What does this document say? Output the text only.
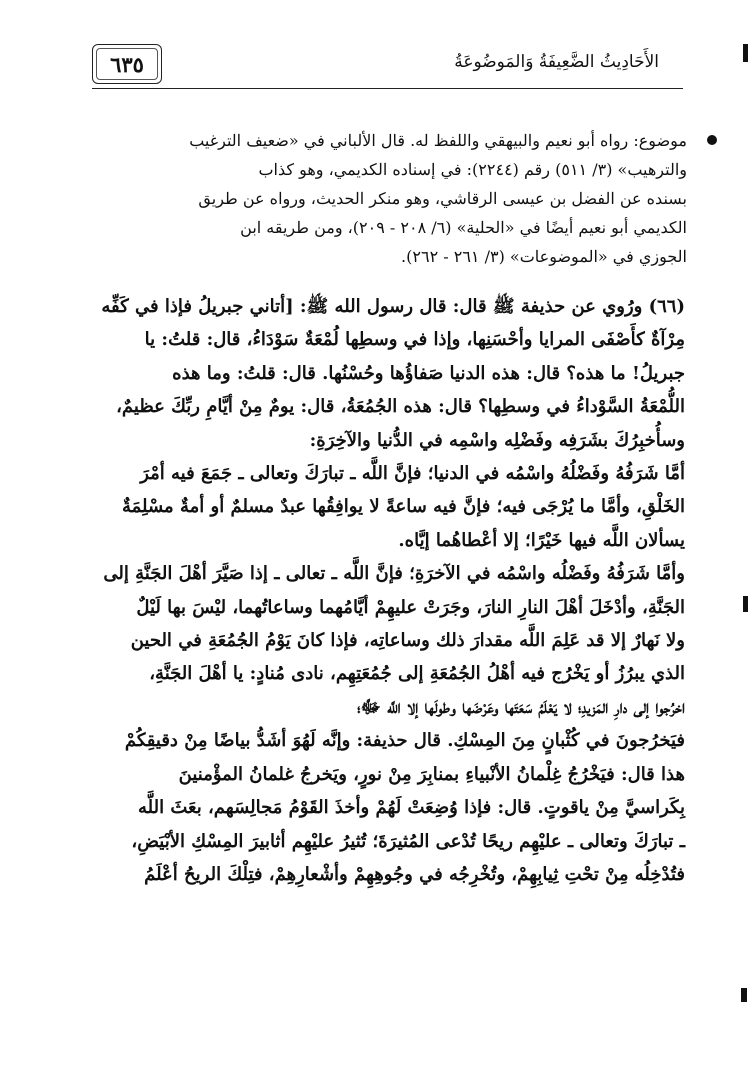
٦٣٥	الأَحَادِيثُ الضَّعِيفَةُ وَالمَوضُوعَةُ
موضوع: رواه أبو نعيم والبيهقي واللفظ له. قال الألباني في «ضعيف الترغيب
والترهيب» (٣/ ٥١١) رقم (٢٢٤٤): في إسناده الكديمي، وهو كذاب
بسنده عن الفضل بن عيسى الرقاشي، وهو منكر الحديث، ورواه عن طريق
الكديمي أبو نعيم أيضًا في «الحلية» (٦/ ٢٠٨ - ٢٠٩)، ومن طريقه ابن
الجوزي في «الموضوعات» (٣/ ٢٦١ - ٢٦٢).
(٦٦) ورُوي عن حذيفة ﷺ قال: قال رسول الله ﷺ: [أتاني جبريلُ فإذا في كَفِّه
مِرْآةٌ كأَصْفَى المرايا وأحْسَنِها، وإذا في وسطِها لُمْعَةٌ سَوْدَاءُ، قال: قلتُ: يا
جبريلُ! ما هذه؟ قال: هذه الدنيا صَفاؤُها وحُسْنُها. قال: قلتُ: وما هذه
اللُّمْعَةُ السَّوْداءُ في وسطِها؟ قال: هذه الجُمُعَةُ، قال: يومٌ مِنْ أيَّامِ ربِّكَ عظيمٌ،
وسأُخبِرُكَ بشَرَفِه وفَضْلِه واسْمِه في الدُّنيا والآخِرَةِ:
أمَّا شَرَفُهُ وفَضْلُهُ واسْمُه في الدنيا؛ فإنَّ اللَّه ـ تبارَكَ وتعالى ـ جَمَعَ فيه أمْرَ
الخَلْقِ، وأمَّا ما يُرْجَى فيه؛ فإنَّ فيه ساعةً لا يوافِقُها عبدٌ مسلمٌ أو أمةٌ مسْلِمَةٌ
يسألان اللَّه فيها خَيْرًا؛ إلا أعْطاهُما إيَّاه.
وأمَّا شَرَفُهُ وفَضْلُه واسْمُه في الآخرَةِ؛ فإنَّ اللَّه ـ تعالى ـ إذا صَيَّرَ أهْلَ الجَنَّةِ إلى
الجَنَّةِ، وأدْخَلَ أهْلَ النارِ النارَ، وجَرَتْ عليهِمْ أيَّامُهما وساعاتُهما، ليْسَ بها لَيْلٌ
ولا نَهارٌ إلا قد عَلِمَ اللَّه مقدارَ ذلك وساعاتِه، فإذا كانَ يَوْمُ الجُمُعَةِ في الحين
الذي يبرُزُ أو يَخْرُج فيه أهْلُ الجُمُعَةِ إلى جُمُعَتِهِم، نادى مُنادٍ: يا أهْلَ الجَنَّةِ،
اخرُجوا إلى دارِ المَزيدِ؛ لا يَعْلَمُ سَعَتَها وعَرْضَها وطولَها إلا اللَّه ﷻ؛
فيَخرُجونَ في كُثْبانٍ مِنَ المِسْكِ. قال حذيفة: وإنَّه لَهُوَ أشَدُّ بياضًا مِنْ دقيقِكُمْ
هذا قال: فيَخْرُجُ غِلْمانُ الأنْبياءِ بمنابِرَ مِنْ نورٍ، ويَخرجُ غلمانُ المؤْمنينَ
بِكَراسيَّ مِنْ ياقوتٍ. قال: فإذا وُضِعَتْ لَهُمْ وأخذَ القَوْمُ مَجالِسَهم، بعَثَ اللَّه
ـ تبارَكَ وتعالى ـ عليْهِم ريحًا تُدْعى المُثيرَةَ؛ تُثيرُ عليْهِم أثابيرَ المِسْكِ الأبْيَضِ،
فتُدْخِلُه مِنْ تحْتِ ثِيابِهِمْ، وتُخْرِجُه في وجُوهِهِمْ وأشْعارِهِمْ، فتِلْكَ الريحُ أعْلَمُ
